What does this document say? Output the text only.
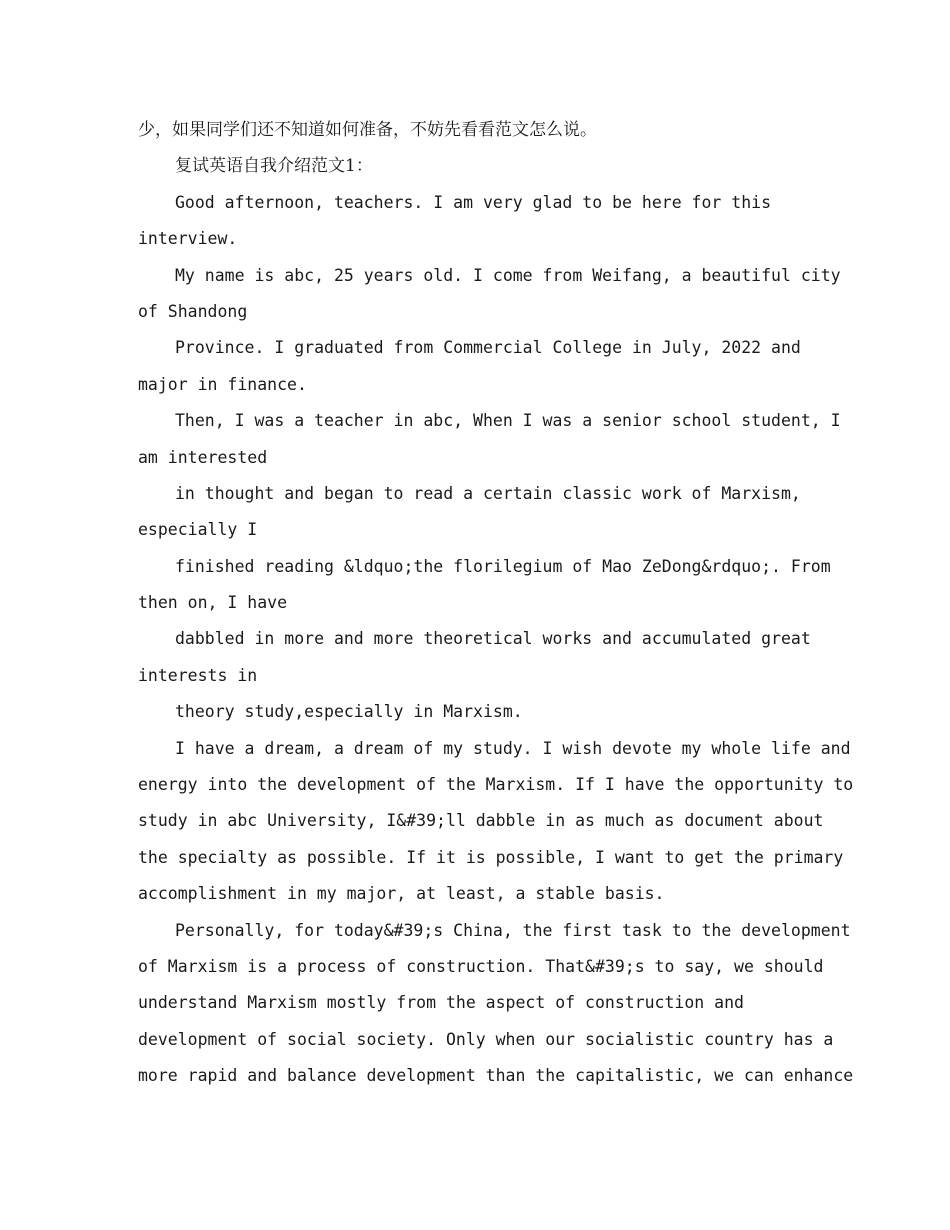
少，如果同学们还不知道如何准备，不妨先看看范文怎么说。
复试英语自我介绍范文1：
Good afternoon, teachers. I am very glad to be here for this
interview.
My name is abc, 25 years old. I come from Weifang, a beautiful city
of Shandong
Province. I graduated from Commercial College in July, 2022 and
major in finance.
Then, I was a teacher in abc, When I was a senior school student, I
am interested
in thought and began to read a certain classic work of Marxism,
especially I
finished reading &ldquo;the florilegium of Mao ZeDong&rdquo;. From
then on, I have
dabbled in more and more theoretical works and accumulated great
interests in
theory study,especially in Marxism.
I have a dream, a dream of my study. I wish devote my whole life and
energy into the development of the Marxism. If I have the opportunity to
study in abc University, I&#39;ll dabble in as much as document about
the specialty as possible. If it is possible, I want to get the primary
accomplishment in my major, at least, a stable basis.
Personally, for today&#39;s China, the first task to the development
of Marxism is a process of construction. That&#39;s to say, we should
understand Marxism mostly from the aspect of construction and
development of social society. Only when our socialistic country has a
more rapid and balance development than the capitalistic, we can enhance
